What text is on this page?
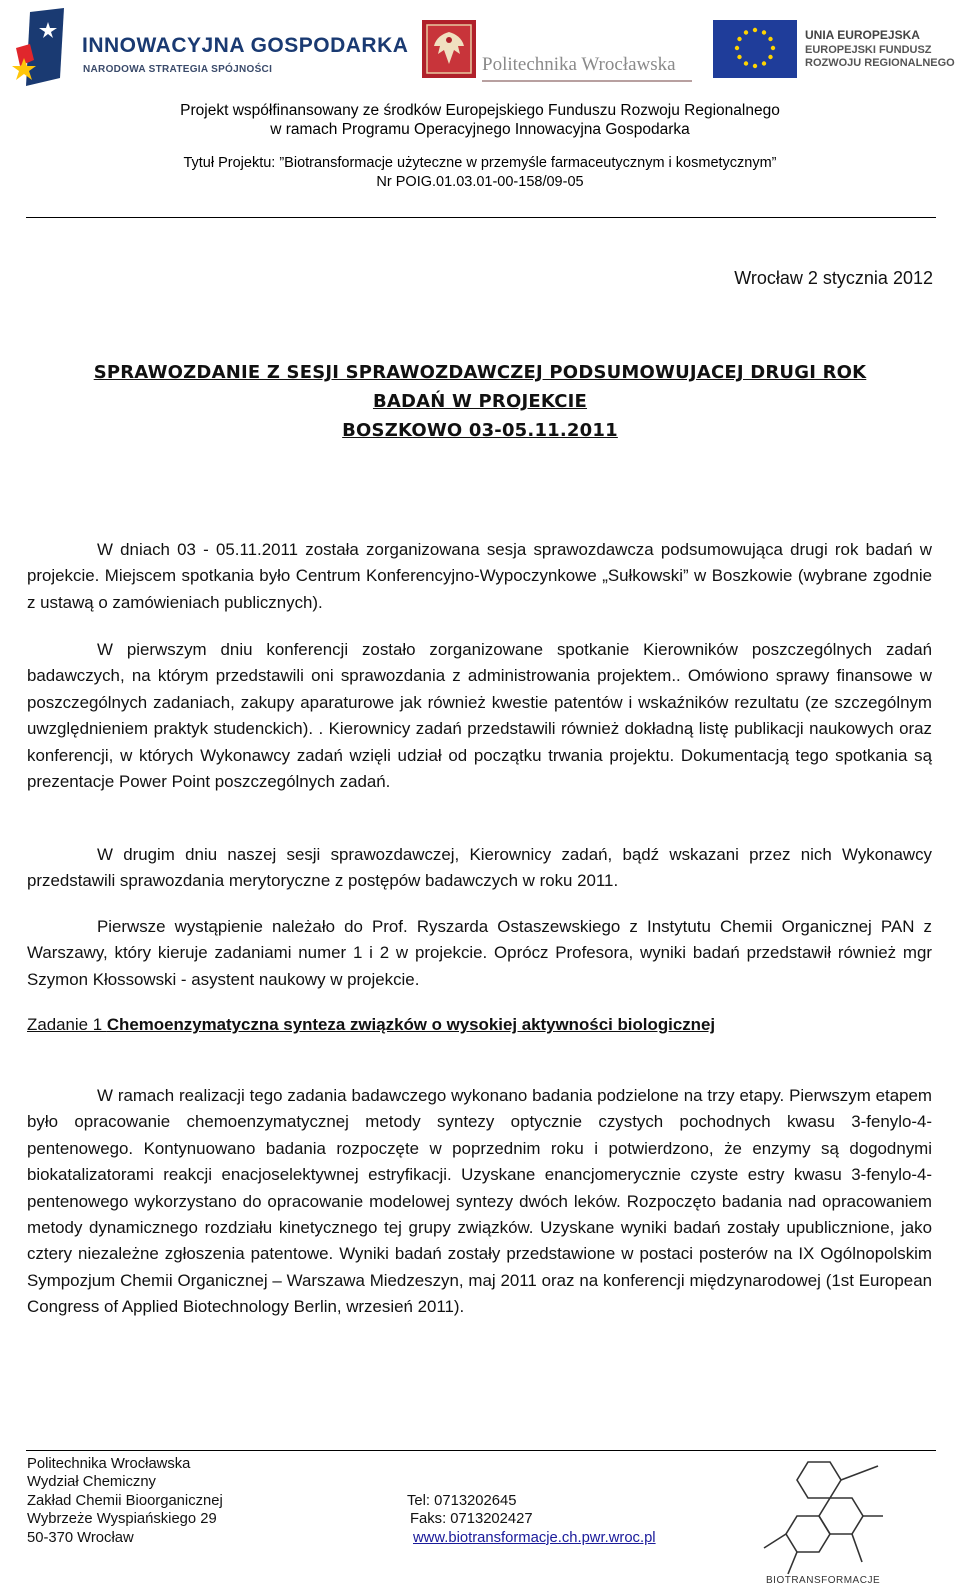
INNOWACYJNA GOSPODARKA
NARODOWA STRATEGIA SPÓJNOŚCI	Politechnika Wrocławska
UNIA EUROPEJSKA
EUROPEJSKI FUNDUSZ
ROZWOJU REGIONALNEGO
Projekt współfinansowany ze środków Europejskiego Funduszu Rozwoju Regionalnego
w ramach Programu Operacyjnego Innowacyjna Gospodarka
Tytuł Projektu: ”Biotransformacje użyteczne w przemyśle farmaceutycznym i kosmetycznym”
Nr POIG.01.03.01-00-158/09-05
Wrocław 2 stycznia 2012
SPRAWOZDANIE Z SESJI SPRAWOZDAWCZEJ PODSUMOWUJACEJ DRUGI ROK
BADAŃ W PROJEKCIE
BOSZKOWO 03-05.11.2011
W dniach 03 - 05.11.2011 została zorganizowana sesja sprawozdawcza podsumowująca drugi rok badań w projekcie. Miejscem spotkania było Centrum Konferencyjno-Wypoczynkowe „Sułkowski” w Boszkowie (wybrane zgodnie z ustawą o zamówieniach publicznych).
W pierwszym dniu konferencji zostało zorganizowane spotkanie Kierowników poszczególnych zadań badawczych, na którym przedstawili oni sprawozdania z administrowania projektem.. Omówiono sprawy finansowe w poszczególnych zadaniach, zakupy aparaturowe jak również kwestie patentów i wskaźników rezultatu (ze szczególnym uwzględnieniem praktyk studenckich). . Kierownicy zadań przedstawili również dokładną listę publikacji naukowych oraz konferencji, w których Wykonawcy zadań wzięli udział od początku trwania projektu. Dokumentacją tego spotkania są prezentacje Power Point poszczególnych zadań.
W drugim dniu naszej sesji sprawozdawczej, Kierownicy zadań, bądź wskazani przez nich Wykonawcy przedstawili sprawozdania merytoryczne z postępów badawczych w roku 2011.
Pierwsze wystąpienie należało do Prof. Ryszarda Ostaszewskiego z Instytutu Chemii Organicznej PAN z Warszawy, który kieruje zadaniami numer 1 i 2 w projekcie. Oprócz Profesora, wyniki badań przedstawił również mgr Szymon Kłossowski - asystent naukowy w projekcie.
Zadanie 1 Chemoenzymatyczna synteza związków o wysokiej aktywności biologicznej
W ramach realizacji tego zadania badawczego wykonano badania podzielone na trzy etapy. Pierwszym etapem było opracowanie chemoenzymatycznej metody syntezy optycznie czystych pochodnych kwasu 3-fenylo-4-pentenowego. Kontynuowano badania rozpoczęte w poprzednim roku i potwierdzono, że enzymy są dogodnymi biokatalizatorami reakcji enacjoselektywnej estryfikacji. Uzyskane enancjomerycznie czyste estry kwasu 3-fenylo-4-pentenowego wykorzystano do opracowanie modelowej syntezy dwóch leków. Rozpoczęto badania nad opracowaniem metody dynamicznego rozdziału kinetycznego tej grupy związków. Uzyskane wyniki badań zostały upublicznione, jako cztery niezależne zgłoszenia patentowe. Wyniki badań zostały przedstawione w postaci posterów na IX Ogólnopolskim Sympozjum Chemii Organicznej – Warszawa Miedzeszyn, maj 2011 oraz na konferencji międzynarodowej (1st European Congress of Applied Biotechnology Berlin, wrzesień 2011).
Politechnika Wrocławska
Wydział Chemiczny
Zakład Chemii Bioorganicznej
Wybrzeże Wyspiańskiego 29
50-370 Wrocław
Tel: 0713202645
Faks: 0713202427
www.biotransformacje.ch.pwr.wroc.pl
BIOTRANSFORMACJE
